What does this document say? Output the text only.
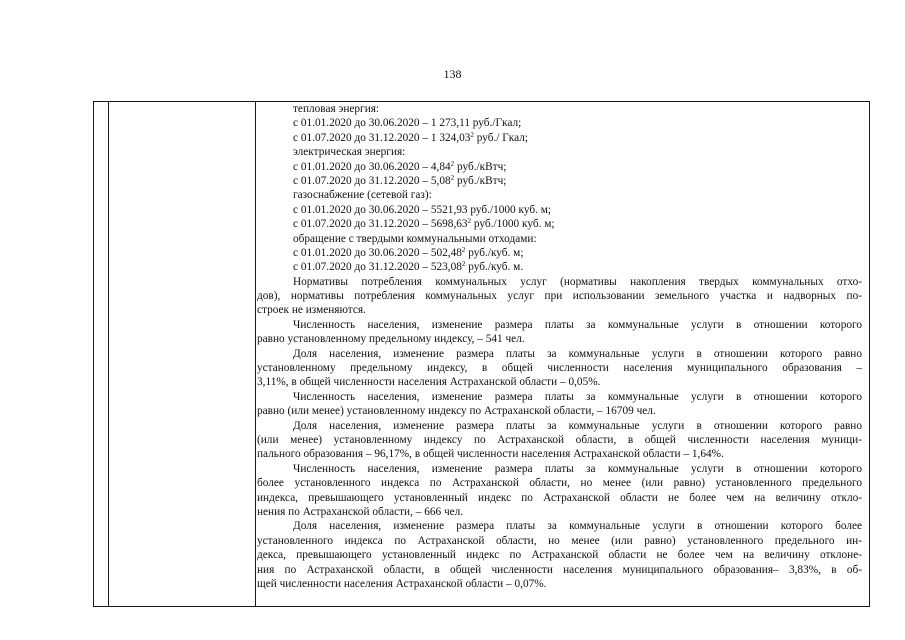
138
тепловая энергия:
с 01.01.2020 до 30.06.2020 – 1 273,11 руб./Гкал;
с 01.07.2020 до 31.12.2020 – 1 324,03$^2$ руб./ Гкал;
электрическая энергия:
с 01.01.2020 до 30.06.2020 – 4,84$^2$ руб./кВтч;
с 01.07.2020 до 31.12.2020 – 5,08$^2$ руб./кВтч;
газоснабжение (сетевой газ):
с 01.01.2020 до 30.06.2020 – 5521,93 руб./1000 куб. м;
с 01.07.2020 до 31.12.2020 – 5698,63$^2$ руб./1000 куб. м;
обращение с твердыми коммунальными отходами:
с 01.01.2020 до 30.06.2020 – 502,48$^2$ руб./куб. м;
с 01.07.2020 до 31.12.2020 – 523,08$^2$ руб./куб. м.
Нормативы потребления коммунальных услуг (нормативы накопления твердых коммунальных отхо-
дов), нормативы потребления коммунальных услуг при использовании земельного участка и надворных по-
строек не изменяются.
Численность населения, изменение размера платы за коммунальные услуги в отношении которого
равно установленному предельному индексу, – 541 чел.
Доля населения, изменение размера платы за коммунальные услуги в отношении которого равно
установленному предельному индексу, в общей численности населения муниципального образования –
3,11%, в общей численности населения Астраханской области – 0,05%.
Численность населения, изменение размера платы за коммунальные услуги в отношении которого
равно (или менее) установленному индексу по Астраханской области, – 16709 чел.
Доля населения, изменение размера платы за коммунальные услуги в отношении которого равно
(или менее) установленному индексу по Астраханской области, в общей численности населения муници-
пального образования – 96,17%, в общей численности населения Астраханской области – 1,64%.
Численность населения, изменение размера платы за коммунальные услуги в отношении которого
более установленного индекса по Астраханской области, но менее (или равно) установленного предельного
индекса, превышающего установленный индекс по Астраханской области не более чем на величину откло-
нения по Астраханской области, – 666 чел.
Доля населения, изменение размера платы за коммунальные услуги в отношении которого более
установленного индекса по Астраханской области, но менее (или равно) установленного предельного ин-
декса, превышающего установленный индекс по Астраханской области не более чем на величину отклоне-
ния по Астраханской области, в общей численности населения муниципального образования– 3,83%, в об-
щей численности населения Астраханской области – 0,07%.
